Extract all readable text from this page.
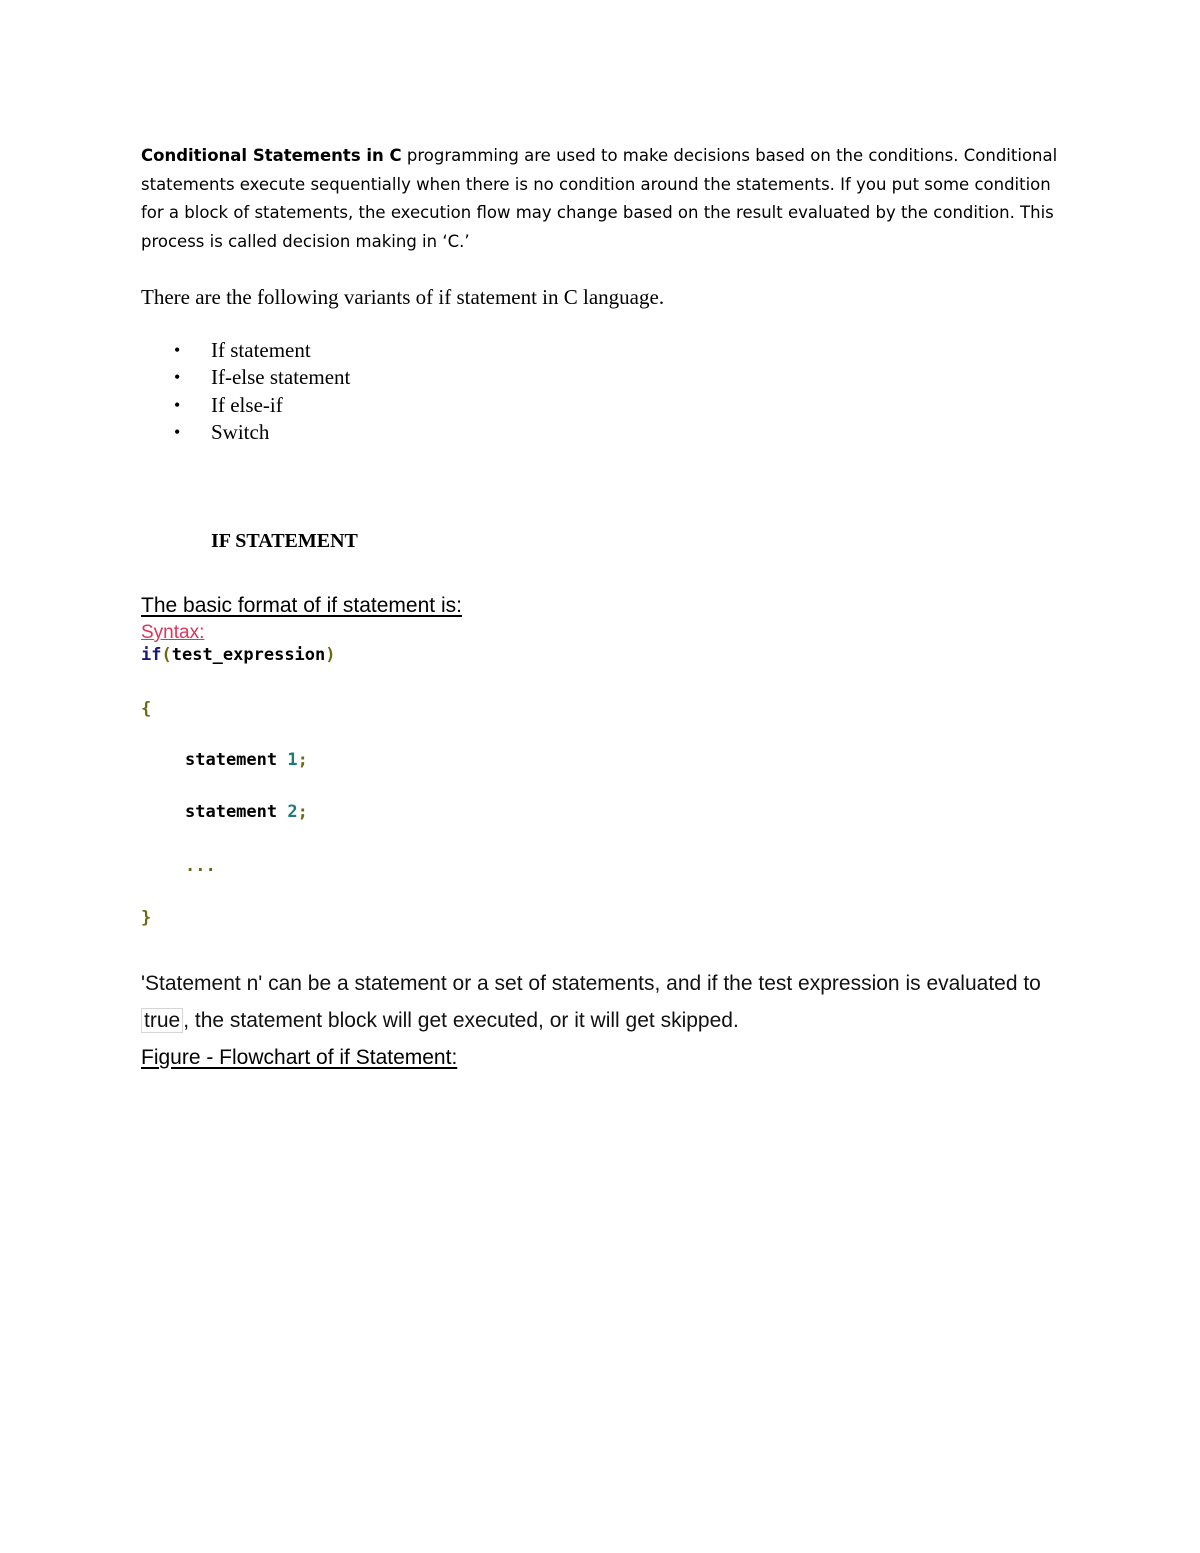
Conditional Statements in C programming are used to make decisions based on the conditions. Conditional statements execute sequentially when there is no condition around the statements. If you put some condition for a block of statements, the execution flow may change based on the result evaluated by the condition. This process is called decision making in ‘C.’

There are the following variants of if statement in C language.
• If statement
• If-else statement
• If else-if
• Switch
IF STATEMENT
The basic format of if statement is:
Syntax:
if(test_expression)
{
statement 1;
statement 2;
...
}

'Statement n' can be a statement or a set of statements, and if the test expression is evaluated to true , the statement block will get executed, or it will get skipped.

Figure - Flowchart of if Statement:
